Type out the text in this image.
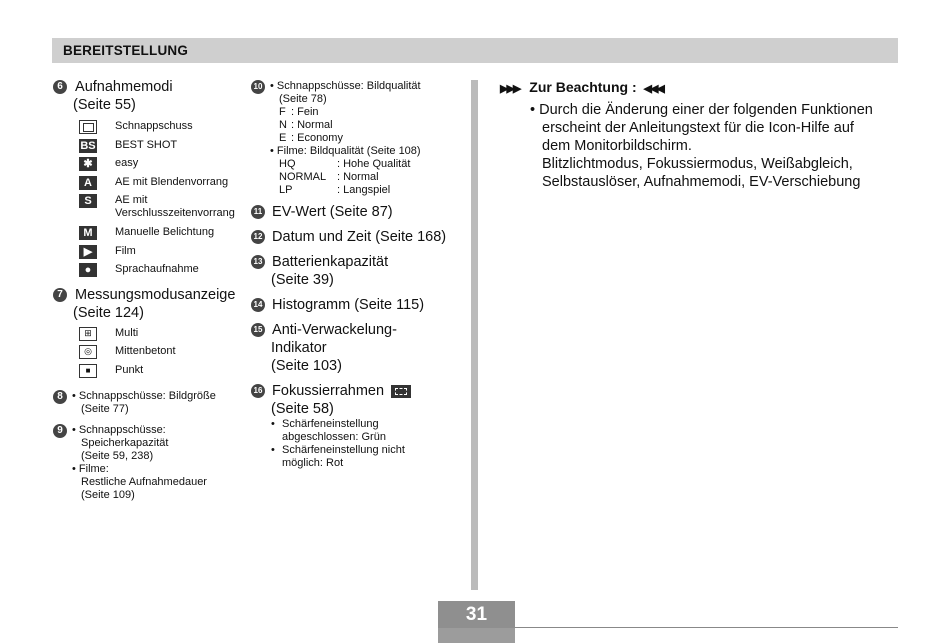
BEREITSTELLUNG
6 Aufnahmemodi
(Seite 55)
Schnappschuss
BS BEST SHOT
✱	easy
A	AE mit Blendenvorrang
S	AE mit
Verschlusszeitenvorrang
M	Manuelle Belichtung
▶	Film
●	Sprachaufnahme
7 Messungsmodusanzeige
(Seite 124)
⊞	Multi
◎	Mittenbetont
■	Punkt
8 • Schnappschüsse: Bildgröße
(Seite 77)
9 • Schnappschüsse:
Speicherkapazität
(Seite 59, 238)
• Filme:
Restliche Aufnahmedauer
(Seite 109)
10 • Schnappschüsse: Bildqualität
(Seite 78)
F : Fein
N : Normal
E : Economy
• Filme: Bildqualität (Seite 108)
HQ	: Hohe Qualität
NORMAL : Normal
LP	: Langspiel
11 EV-Wert (Seite 87)
12 Datum und Zeit (Seite 168)
13 Batterienkapazität
(Seite 39)
14 Histogramm (Seite 115)
15 Anti-Verwackelung-
Indikator
(Seite 103)
16 Fokussierrahmen
(Seite 58)
• Schärfeneinstellung
abgeschlossen: Grün
• Schärfeneinstellung nicht
möglich: Rot
▶▶▶ Zur Beachtung : ◀◀◀
• Durch die Änderung einer der folgenden Funktionen
erscheint der Anleitungstext für die Icon-Hilfe auf
dem Monitorbildschirm.
Blitzlichtmodus, Fokussiermodus, Weißabgleich,
Selbstauslöser, Aufnahmemodi, EV-Verschiebung
31
